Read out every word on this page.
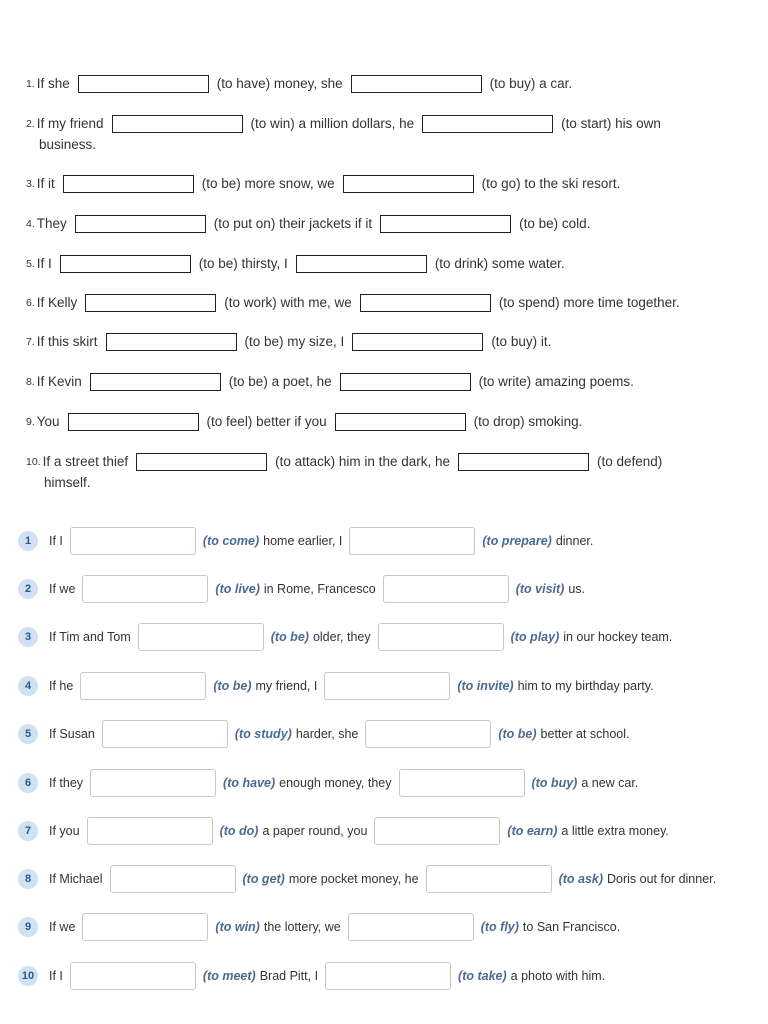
1. If she	(to have) money, she	(to buy) a car.
2. If my friend	(to win) a million dollars, he	(to start) his own
business.
3. If it	(to be) more snow, we	(to go) to the ski resort.
4. They	(to put on) their jackets if it	(to be) cold.
5. If I	(to be) thirsty, I	(to drink) some water.
6. If Kelly	(to work) with me, we	(to spend) more time together.
7. If this skirt	(to be) my size, I	(to buy) it.
8. If Kevin	(to be) a poet, he	(to write) amazing poems.
9. You	(to feel) better if you	(to drop) smoking.
10. If a street thief	(to attack) him in the dark, he	(to defend)
himself.
1	If I	(to come) home earlier, I	(to prepare) dinner.
2	If we	(to live) in Rome, Francesco	(to visit) us.
3	If Tim and Tom	(to be) older, they	(to play) in our hockey team.
4	If he	(to be) my friend, I	(to invite) him to my birthday party.
5	If Susan	(to study) harder, she	(to be) better at school.
6	If they	(to have) enough money, they	(to buy) a new car.
7	If you	(to do) a paper round, you	(to earn) a little extra money.
8	If Michael	(to get) more pocket money, he	(to ask) Doris out for dinner.
9	If we	(to win) the lottery, we	(to fly) to San Francisco.
10	If I	(to meet) Brad Pitt, I	(to take) a photo with him.
